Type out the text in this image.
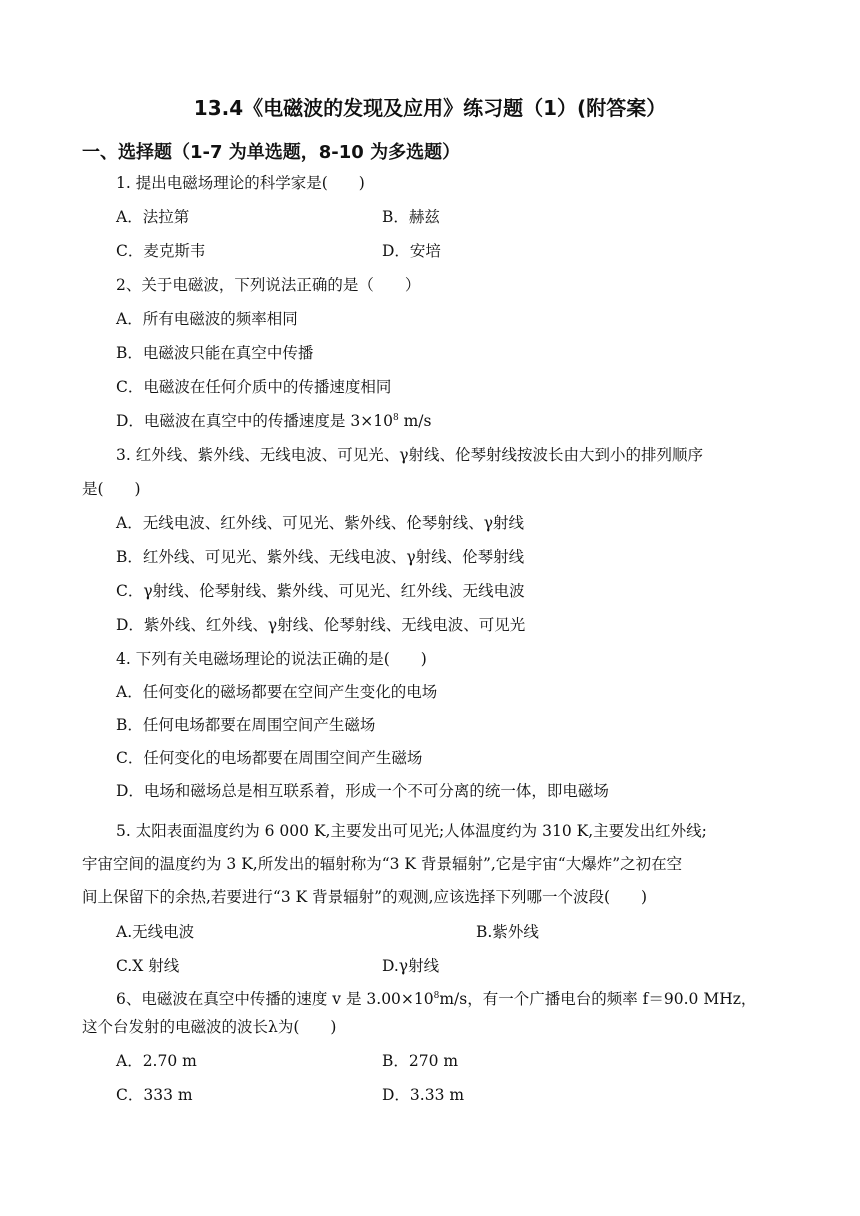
13.4《电磁波的发现及应用》练习题（1）(附答案）
一、选择题（1-7 为单选题，8-10 为多选题）
1. 提出电磁场理论的科学家是(　　)
A．法拉第	B．赫兹
C．麦克斯韦	D．安培
2、关于电磁波，下列说法正确的是（　　）
A．所有电磁波的频率相同
B．电磁波只能在真空中传播
C．电磁波在任何介质中的传播速度相同
D．电磁波在真空中的传播速度是 $3\times 10^8$ m/s
3. 红外线、紫外线、无线电波、可见光、γ射线、伦琴射线按波长由大到小的排列顺序
是(　　)
A．无线电波、红外线、可见光、紫外线、伦琴射线、γ射线
B．红外线、可见光、紫外线、无线电波、γ射线、伦琴射线
C．γ射线、伦琴射线、紫外线、可见光、红外线、无线电波
D．紫外线、红外线、γ射线、伦琴射线、无线电波、可见光
4. 下列有关电磁场理论的说法正确的是(　　)
A．任何变化的磁场都要在空间产生变化的电场
B．任何电场都要在周围空间产生磁场
C．任何变化的电场都要在周围空间产生磁场
D．电场和磁场总是相互联系着，形成一个不可分离的统一体，即电磁场
5. 太阳表面温度约为 6 000 K,主要发出可见光;人体温度约为 310 K,主要发出红外线;
宇宙空间的温度约为 3 K,所发出的辐射称为“3 K 背景辐射”,它是宇宙“大爆炸”之初在空
间上保留下的余热,若要进行“3 K 背景辐射”的观测,应该选择下列哪一个波段(　　)
A.无线电波	B.紫外线
C.X 射线	D.γ射线
6、电磁波在真空中传播的速度 v 是 $3.00\times 10^8m/s$，有一个广播电台的频率 f＝90.0 MHz，
这个台发射的电磁波的波长λ为(　　)
A．2.70 m	B．270 m
C．333 m	D．3.33 m
